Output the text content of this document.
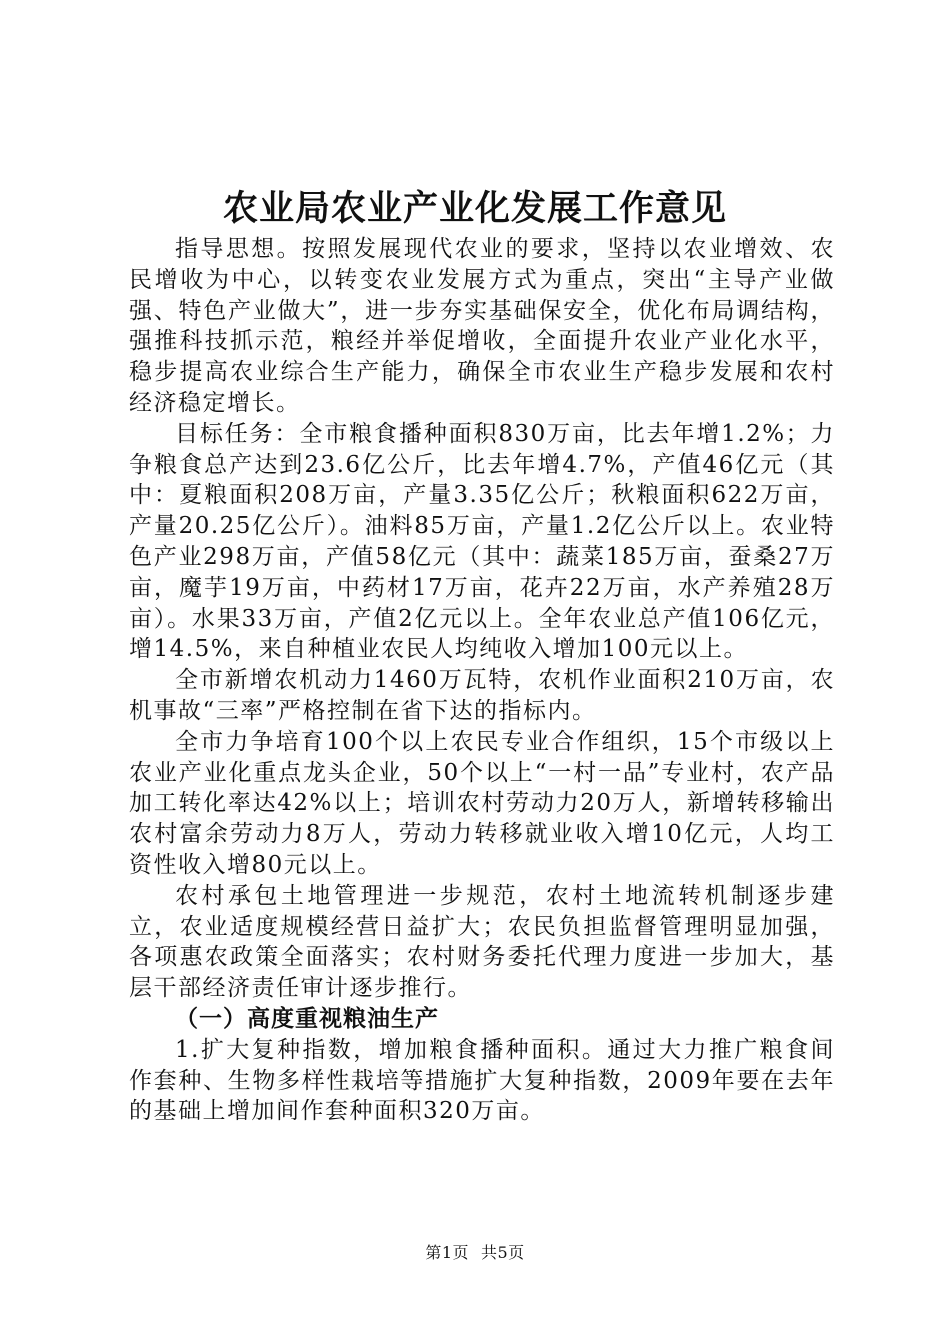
农业局农业产业化发展工作意见

指导思想。按照发展现代农业的要求，坚持以农业增效、农民增收为中心，以转变农业发展方式为重点，突出“主导产业做强、特色产业做大”，进一步夯实基础保安全，优化布局调结构，强推科技抓示范，粮经并举促增收，全面提升农业产业化水平，稳步提高农业综合生产能力，确保全市农业生产稳步发展和农村经济稳定增长。

目标任务：全市粮食播种面积830万亩，比去年增1.2%；力争粮食总产达到23.6亿公斤，比去年增4.7%，产值46亿元（其中：夏粮面积208万亩，产量3.35亿公斤；秋粮面积622万亩，产量20.25亿公斤）。油料85万亩，产量1.2亿公斤以上。农业特色产业298万亩，产值58亿元（其中：蔬菜185万亩，蚕桑27万亩，魔芋19万亩，中药材17万亩，花卉22万亩，水产养殖28万亩）。水果33万亩，产值2亿元以上。全年农业总产值106亿元，增14.5%，来自种植业农民人均纯收入增加100元以上。

全市新增农机动力1460万瓦特，农机作业面积210万亩，农机事故“三率”严格控制在省下达的指标内。

全市力争培育100个以上农民专业合作组织，15个市级以上农业产业化重点龙头企业，50个以上“一村一品”专业村，农产品加工转化率达42%以上；培训农村劳动力20万人，新增转移输出农村富余劳动力8万人，劳动力转移就业收入增10亿元，人均工资性收入增80元以上。

农村承包土地管理进一步规范，农村土地流转机制逐步建立，农业适度规模经营日益扩大；农民负担监督管理明显加强，各项惠农政策全面落实；农村财务委托代理力度进一步加大，基层干部经济责任审计逐步推行。

（一）高度重视粮油生产

1.扩大复种指数，增加粮食播种面积。通过大力推广粮食间作套种、生物多样性栽培等措施扩大复种指数，2009年要在去年的基础上增加间作套种面积320万亩。

第1页 共5页
